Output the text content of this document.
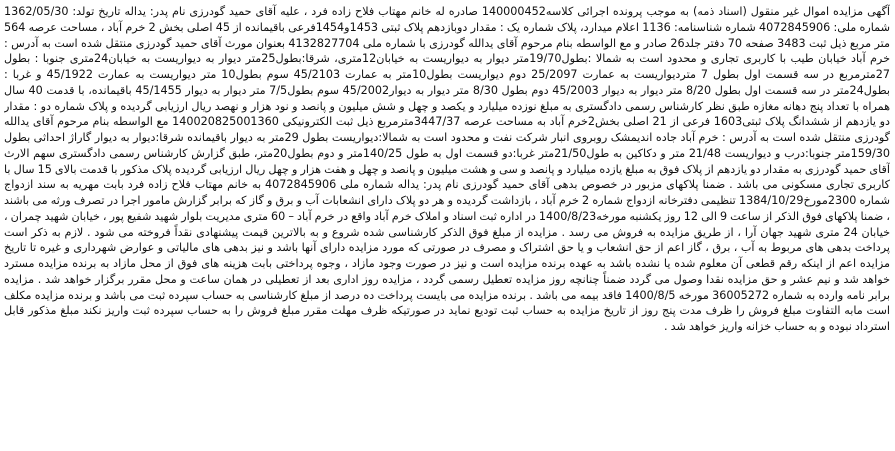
آگهی مزایده اموال غیر منقول (اسناد ذمه) به موجب پرونده اجرائی کلاسه140000452 صادره له خانم مهتاب فلاح زاده فرد ، علیه آقای حمید گودرزی نام پدر: یداله تاریخ تولد: 1362/05/30 شماره ملی: 4072845906 شماره شناسنامه: 1136 اعلام میدارد، پلاک شماره یک : مقدار دوبازدهم پلاک ثبتی 1453و1454فرعی باقیمانده از 45 اصلی بخش 2 خرم آباد ، مساحت عرصه 564 متر مربع ذیل ثبت 3483 صفحه 70 دفتر جلد26 صادر و مع الواسطه بنام مرحوم آقای یدالله گودرزی با شماره ملی 4132827704 بعنوان مورث آقای حمید گودرزی منتقل شده است به آدرس : خرم آباد خیابان طیب با کاربری تجاری و محدود است به شمالا :بطول19/70متر دیوار به دیواریست به خیابان12متری، شرقا:بطول25متر دیوار به دیواریست به خیابان24متری جنوبا : بطول 27مترمربع در سه قسمت اول بطول 7 متردیواریست به عمارت 25/2097 دوم دیواریست بطول10متر به عمارت 45/2103 سوم بطول10 متر دیواریست به عمارت 45/1922 و غربا : بطول24متر در سه قسمت اول بطول 8/20 متر دیوار به دیوار 45/2003 دوم بطول 8/30 متر دیوار به دیوار45/2002 سوم بطول7/5 متر دیوار به دیوار 45/1455 باقیمانده، با قدمت 40 سال همراه با تعداد پنج دهانه مغازه طبق نظر کارشناس رسمی دادگستری به مبلغ نوزده میلیارد و یکصد و چهل و شش میلیون و پانصد و نود هزار و نهصد ریال ارزیابی گردیده و پلاک شماره دو : مقدار دو یازدهم از ششدانگ پلاک ثبتی1603 فرعی از 21 اصلی بخش2خرم آباد به مساحت عرصه 3447/37مترمربع ذیل ثبت الکترونیکی 140020825001360 مع الواسطه بنام مرحوم آقای یدالله گودرزی منتقل شده است به آدرس : خرم آباد جاده اندیمشک روبروی انبار شرکت نفت و محدود است به شمالا:دیواریست بطول 29متر به دیوار باقیمانده شرقا:دیوار به دیوار گاراژ احداثی بطول 159/30متر جنوبا:درب و دیواریست 21/48 متر و دکاکین به طول21/50متر غربا:دو قسمت اول به طول 140/25متر و دوم بطول20متر، طبق گزارش کارشناس رسمی دادگستری سهم الارث آقای حمید گودرزی به مقدار دو یازدهم از پلاک فوق به مبلغ یازده میلیارد و پانصد و سی و هشت میلیون و پانصد و چهل و هفت هزار و چهل ریال ارزیابی گردیده پلاک مذکور با قدمت بالای 15 سال با کاربری تجاری مسکونی می باشد . ضمنا پلاکهای مزبور در خصوص بدهی آقای حمید گودرزی نام پدر: یداله شماره ملی 4072845906 به خانم مهتاب فلاح زاده فرد بابت مهریه به سند ازدواج شماره 2300مورخ1384/10/29 تنظیمی دفترخانه ازدواج شماره 2 خرم آباد ، بازداشت گردیده و هر دو پلاک دارای انشعابات آب و برق و گاز که برابر گزارش مامور اجرا در تصرف ورثه می باشند ، ضمنا پلاکهای فوق الذکر از ساعت 9 الی 12 روز یکشنبه مورخه1400/8/23 در اداره ثبت اسناد و املاک خرم آباد واقع در خرم آباد – 60 متری مدیریت بلوار شهید شفیع پور ، خیابان شهید چمران ، خیابان 24 متری شهید جهان آرا ، از طریق مزایده به فروش می رسد . مزایده از مبلغ فوق الذکر کارشناسی شده شروع و به بالاترین قیمت پیشنهادی نقداً فروخته می شود . لازم به ذکر است پرداخت بدهی های مربوط به آب ، برق ، گاز اعم از حق انشعاب و یا حق اشتراک و مصرف در صورتی که مورد مزایده دارای آنها باشد و نیز بدهی های مالیاتی و عوارض شهرداری و غیره تا تاریخ مزایده اعم از اینکه رقم قطعی آن معلوم شده یا نشده باشد به عهده برنده مزایده است و نیز در صورت وجود مازاد ، وجوه پرداختی بابت هزینه های فوق از محل مازاد به برنده مزایده مسترد خواهد شد و نیم عشر و حق مزایده نقدا وصول می گردد ضمناً چنانچه روز مزایده تعطیل رسمی گردد ، مزایده روز اداری بعد از تعطیلی در همان ساعت و محل مقرر برگزار خواهد شد . مزایده برابر نامه وارده به شماره 36005272 مورخه 1400/8/5 فاقد بیمه می باشد . برنده مزایده می بایست پرداخت ده درصد از مبلغ کارشناسی به حساب سپرده ثبت می باشد و برنده مزایده مکلف است مابه التفاوت مبلغ فروش را ظرف مدت پنج روز از تاریخ مزایده به حساب ثبت تودیع نماید در صورتیکه ظرف مهلت مقرر مبلغ فروش را به حساب سپرده ثبت واریز نکند مبلغ مذکور قابل استرداد نبوده و به حساب خزانه واریز خواهد شد .
